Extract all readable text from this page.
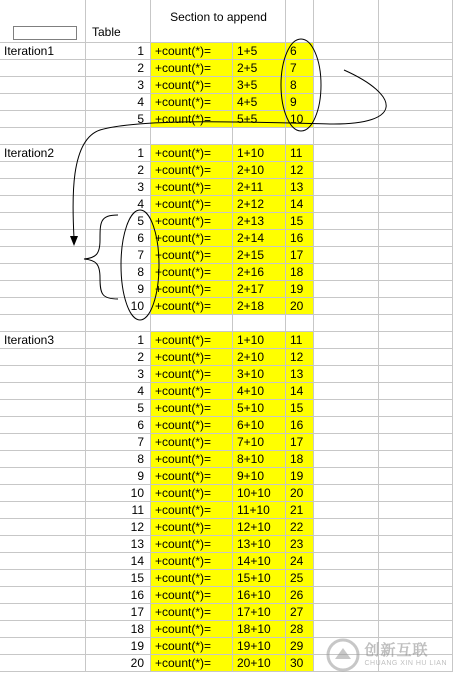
Table
Section to append
Iteration1	1 +count(*)=	1+5	6
2 +count(*)=	2+5	7
3 +count(*)=	3+5	8
4 +count(*)=	4+5	9
5 +count(*)=	5+5	10
Iteration2	1 +count(*)=	1+10	11
2 +count(*)=	2+10	12
3 +count(*)=	2+11	13
4 +count(*)=	2+12	14
5 +count(*)=	2+13	15
6 +count(*)=	2+14	16
7 +count(*)=	2+15	17
8 +count(*)=	2+16	18
9 +count(*)=	2+17	19
10 +count(*)=	2+18	20
Iteration3	1 +count(*)=	1+10	11
2 +count(*)=	2+10	12
3 +count(*)=	3+10	13
4 +count(*)=	4+10	14
5 +count(*)=	5+10	15
6 +count(*)=	6+10	16
7 +count(*)=	7+10	17
8 +count(*)=	8+10	18
9 +count(*)=	9+10	19
10 +count(*)=	10+10	20
11 +count(*)=	11+10	21
12 +count(*)=	12+10	22
13 +count(*)=	13+10	23
14 +count(*)=	14+10	24
15 +count(*)=	15+10	25
16 +count(*)=	16+10	26
17 +count(*)=	17+10	27
18 +count(*)=	18+10	28
19 +count(*)=	19+10	29
20 +count(*)=	20+10	30
创新互联
CHUANG XIN HU LIAN
